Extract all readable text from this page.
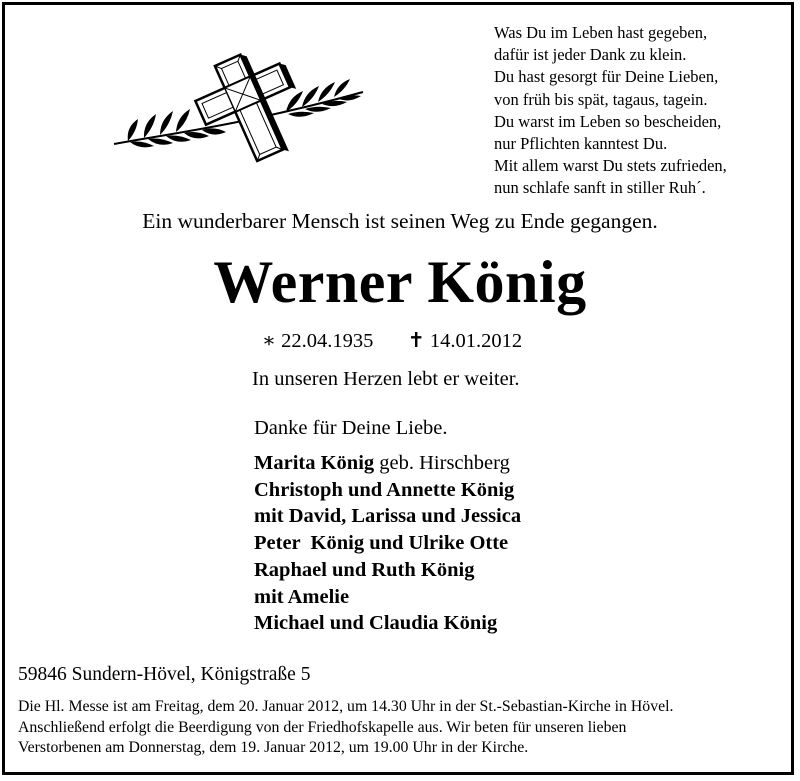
Was Du im Leben hast gegeben,
dafür ist jeder Dank zu klein.
Du hast gesorgt für Deine Lieben,
von früh bis spät, tagaus, tagein.
Du warst im Leben so bescheiden,
nur Pflichten kanntest Du.
Mit allem warst Du stets zufrieden,
nun schlafe sanft in stiller Ruh´.
Ein wunderbarer Mensch ist seinen Weg zu Ende gegangen.
Werner König
∗ 22.04.1935 ✝ 14.01.2012
In unseren Herzen lebt er weiter.
Danke für Deine Liebe.
Marita König geb. Hirschberg
Christoph und Annette König
mit David, Larissa und Jessica
Peter  König und Ulrike Otte
Raphael und Ruth König
mit Amelie
Michael und Claudia König
59846 Sundern-Hövel, Königstraße 5
Die Hl. Messe ist am Freitag, dem 20. Januar 2012, um 14.30 Uhr in der St.-Sebastian-Kirche in Hövel.
Anschließend erfolgt die Beerdigung von der Friedhofskapelle aus. Wir beten für unseren lieben
Verstorbenen am Donnerstag, dem 19. Januar 2012, um 19.00 Uhr in der Kirche.
